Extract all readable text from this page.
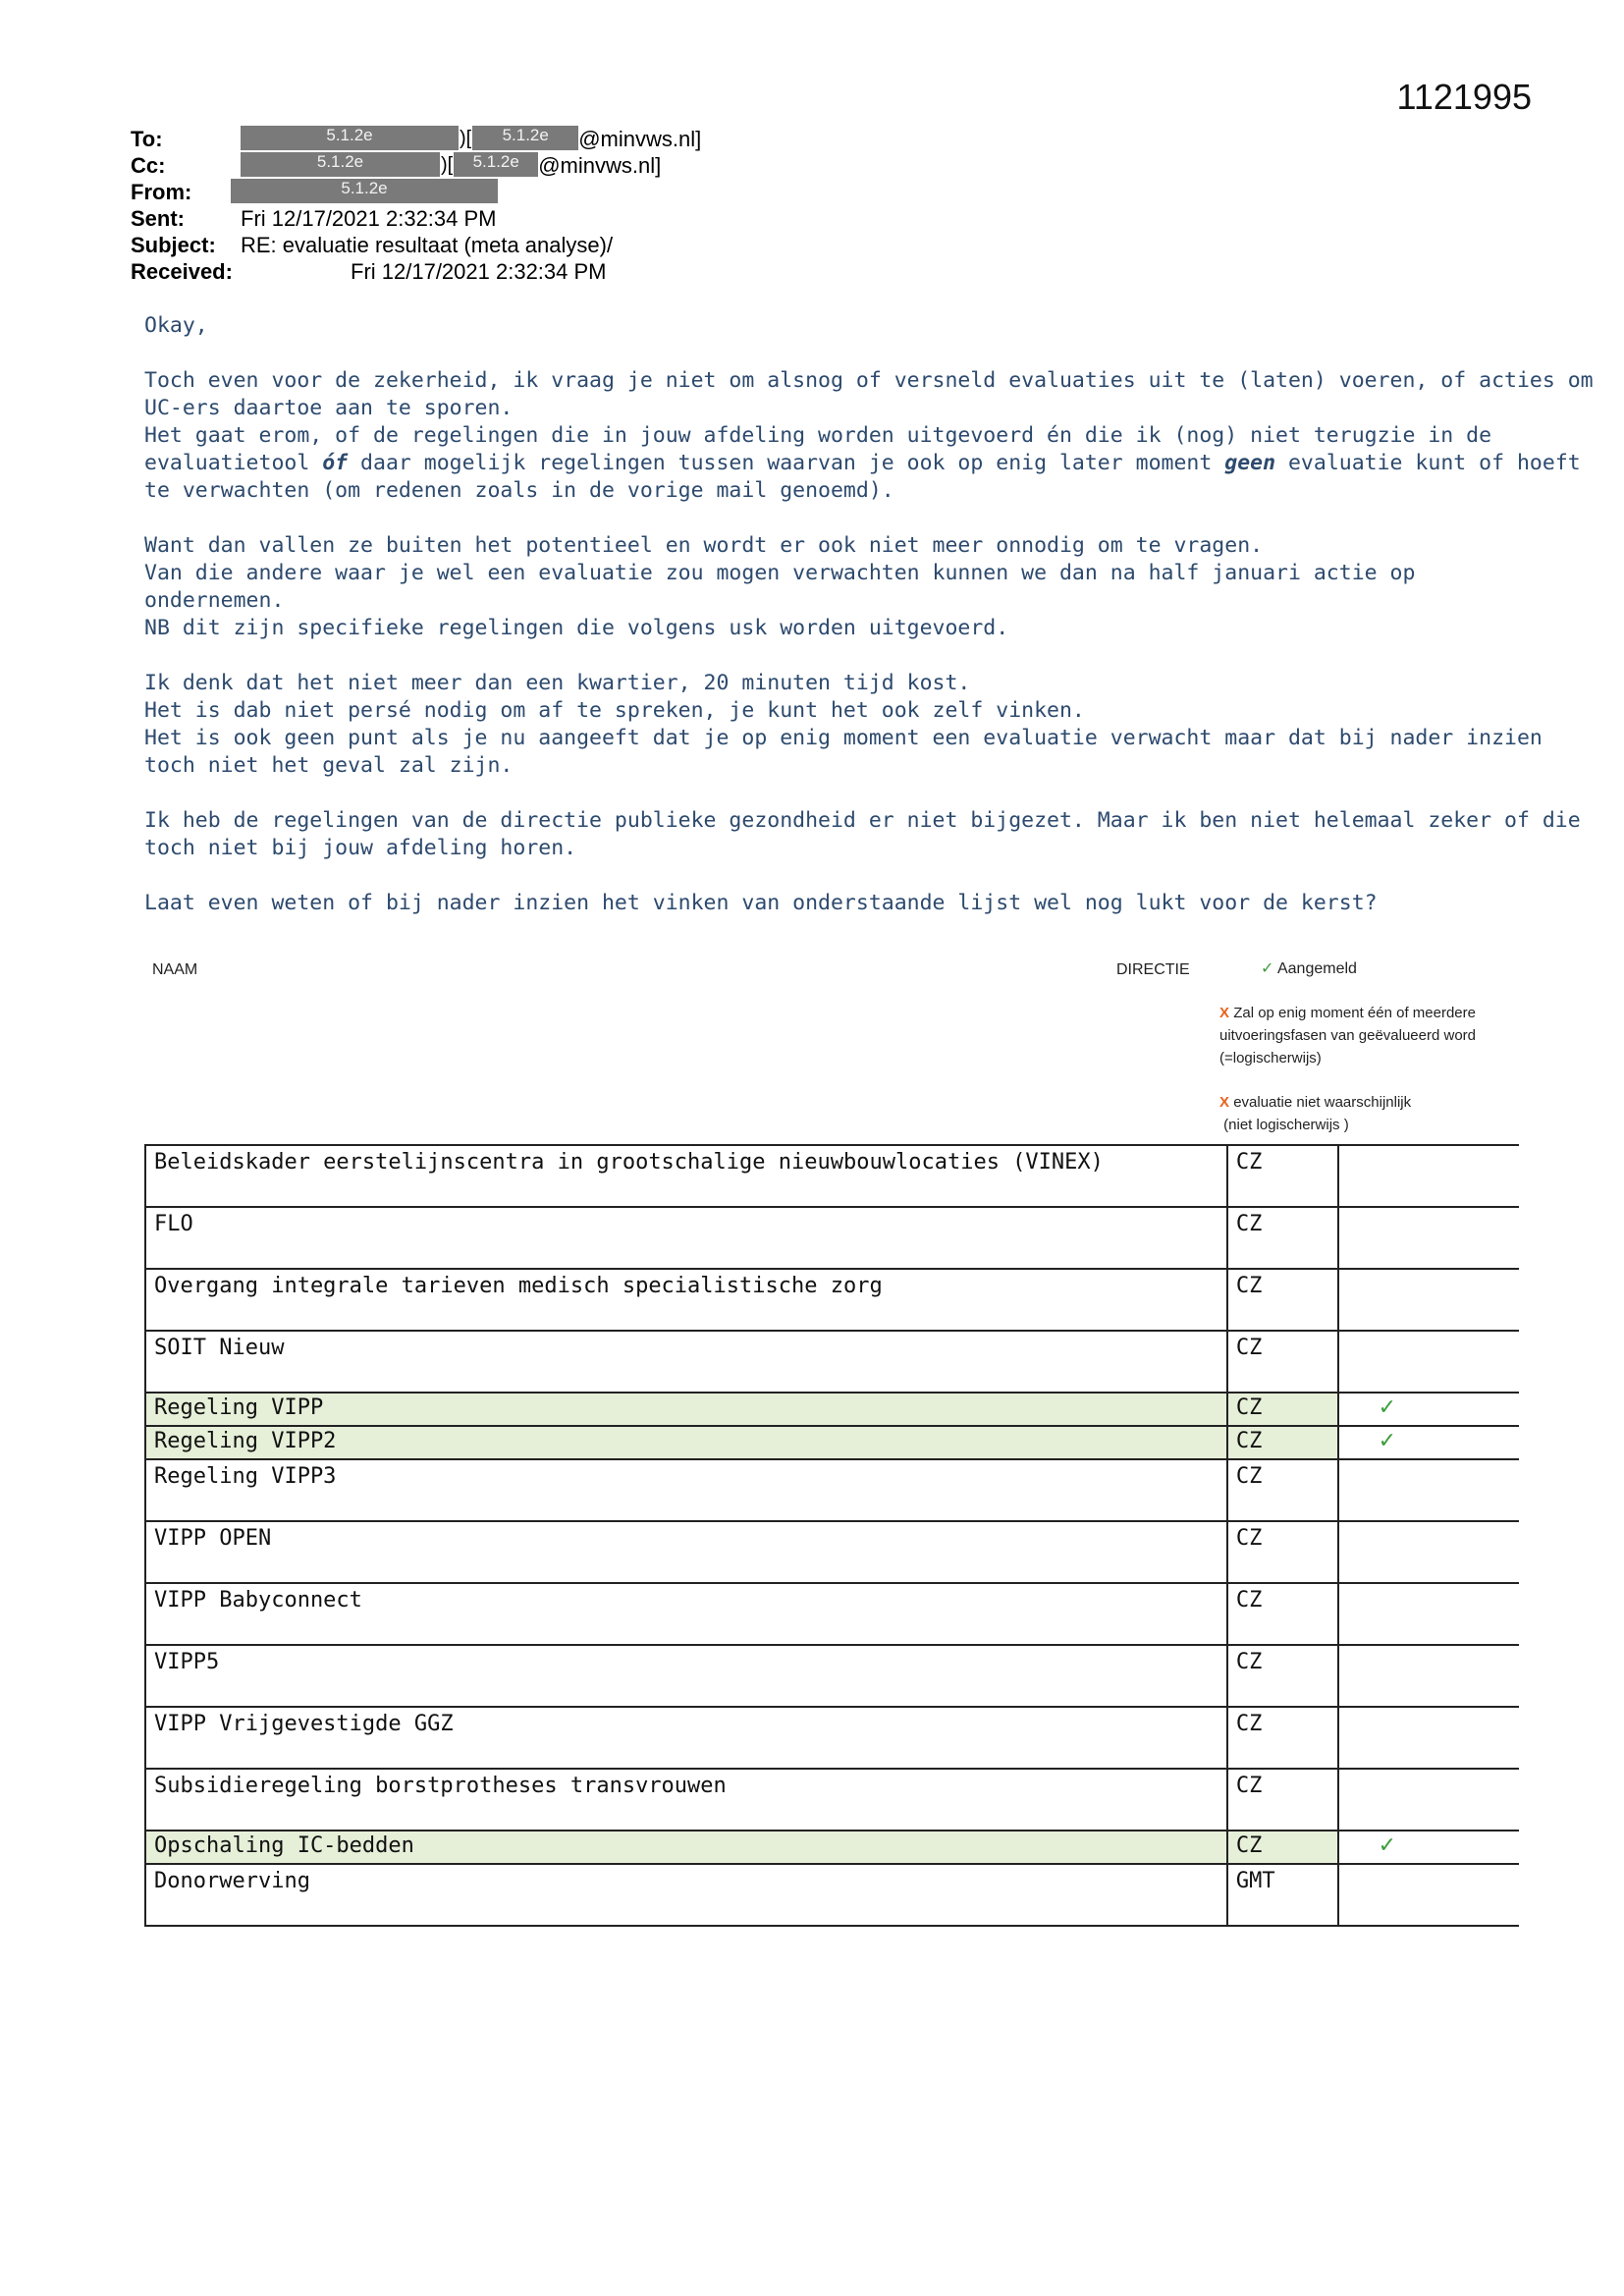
1121995
To:	5.1.2e	)[ 5.1.2e @minvws.nl]
Cc:	5.1.2e	)[ 5.1.2e @minvws.nl]
From:	5.1.2e
Sent:	Fri 12/17/2021 2:32:34 PM
Subject: RE: evaluatie resultaat (meta analyse)/
Received:	Fri 12/17/2021 2:32:34 PM

Okay,

Toch even voor de zekerheid, ik vraag je niet om alsnog of versneld evaluaties uit te (laten) voeren, of acties om
UC-ers daartoe aan te sporen.
Het gaat erom, of de regelingen die in jouw afdeling worden uitgevoerd én die ik (nog) niet terugzie in de
evaluatietool óf daar mogelijk regelingen tussen waarvan je ook op enig later moment geen evaluatie kunt of hoeft
te verwachten (om redenen zoals in de vorige mail genoemd).

Want dan vallen ze buiten het potentieel en wordt er ook niet meer onnodig om te vragen.
Van die andere waar je wel een evaluatie zou mogen verwachten kunnen we dan na half januari actie op
ondernemen.
NB dit zijn specifieke regelingen die volgens usk worden uitgevoerd.

Ik denk dat het niet meer dan een kwartier, 20 minuten tijd kost.
Het is dab niet persé nodig om af te spreken, je kunt het ook zelf vinken.
Het is ook geen punt als je nu aangeeft dat je op enig moment een evaluatie verwacht maar dat bij nader inzien
toch niet het geval zal zijn.

Ik heb de regelingen van de directie publieke gezondheid er niet bijgezet. Maar ik ben niet helemaal zeker of die
toch niet bij jouw afdeling horen.

Laat even weten of bij nader inzien het vinken van onderstaande lijst wel nog lukt voor de kerst?

NAAM	DIRECTIE	✓ Aangemeld
X Zal op enig moment één of meerdere
uitvoeringsfasen van geëvalueerd word
(=logischerwijs)
X evaluatie niet waarschijnlijk
(niet logischerwijs )
Beleidskader eerstelijnscentra in grootschalige nieuwbouwlocaties (VINEX)	CZ	
FLO	CZ	
Overgang integrale tarieven medisch specialistische zorg	CZ	
SOIT Nieuw	CZ	
Regeling VIPP	CZ	✓
Regeling VIPP2	CZ	✓
Regeling VIPP3	CZ	
VIPP OPEN	CZ	
VIPP Babyconnect	CZ	
VIPP5	CZ	
VIPP Vrijgevestigde GGZ	CZ	
Subsidieregeling borstprotheses transvrouwen	CZ	
Opschaling IC-bedden	CZ	✓
Donorwerving	GMT	
